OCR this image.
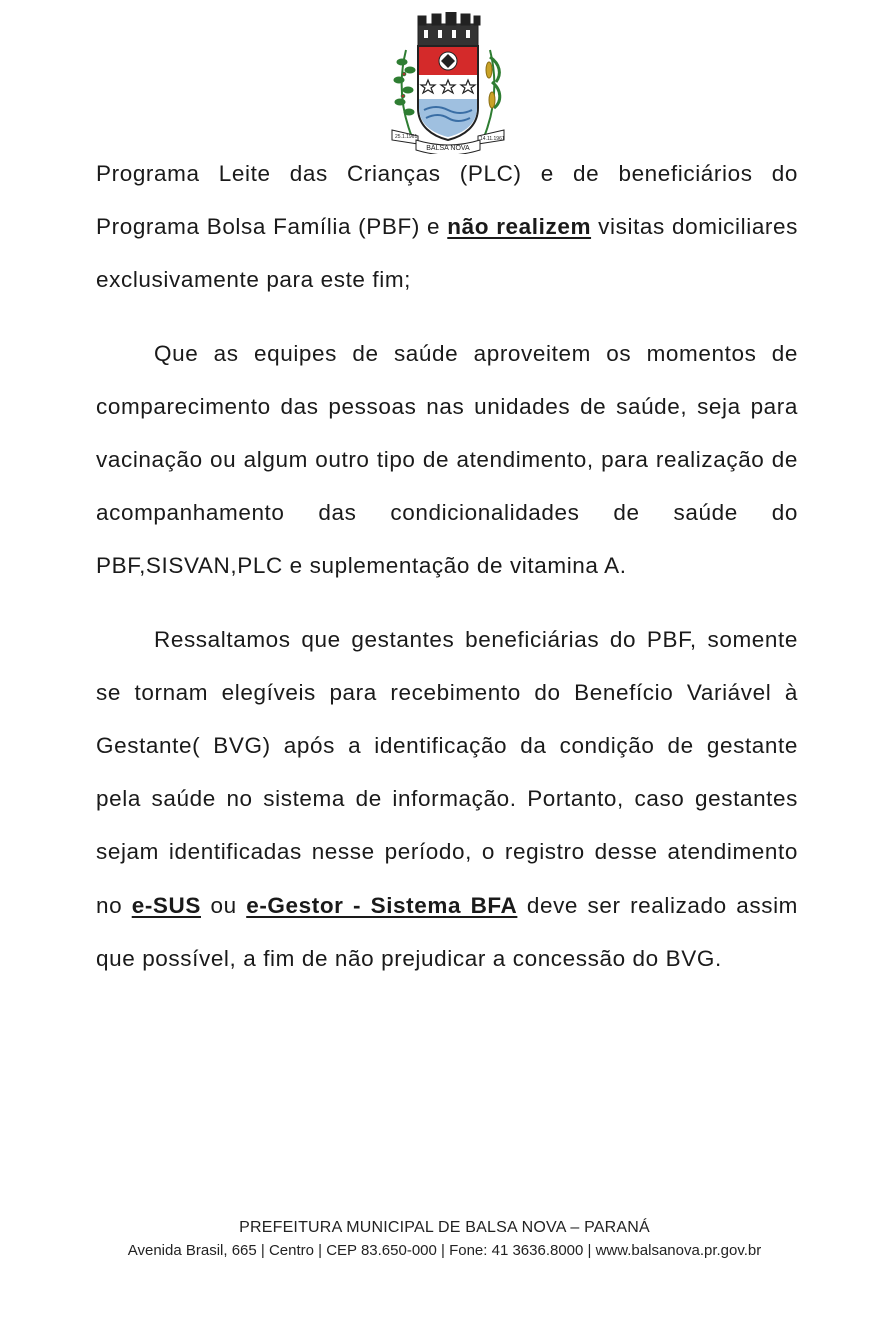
25.1.1961	14.11.1961
BALSA NOVA

Programa Leite das Crianças (PLC) e de beneficiários do Programa Bolsa Família (PBF) e não realizem visitas domiciliares exclusivamente para este fim;

Que as equipes de saúde aproveitem os momentos de comparecimento das pessoas nas unidades de saúde, seja para vacinação ou algum outro tipo de atendimento, para realização de acompanhamento das condicionalidades de saúde do PBF,SISVAN,PLC e suplementação de vitamina A.

Ressaltamos que gestantes beneficiárias do PBF, somente se tornam elegíveis para recebimento do Benefício Variável à Gestante( BVG) após a identificação da condição de gestante pela saúde no sistema de informação. Portanto, caso gestantes sejam identificadas nesse período, o registro desse atendimento no e-SUS ou e-Gestor - Sistema BFA deve ser realizado assim que possível, a fim de não prejudicar a concessão do BVG.

PREFEITURA MUNICIPAL DE BALSA NOVA – PARANÁ
Avenida Brasil, 665 | Centro | CEP 83.650-000 | Fone: 41 3636.8000 | www.balsanova.pr.gov.br
